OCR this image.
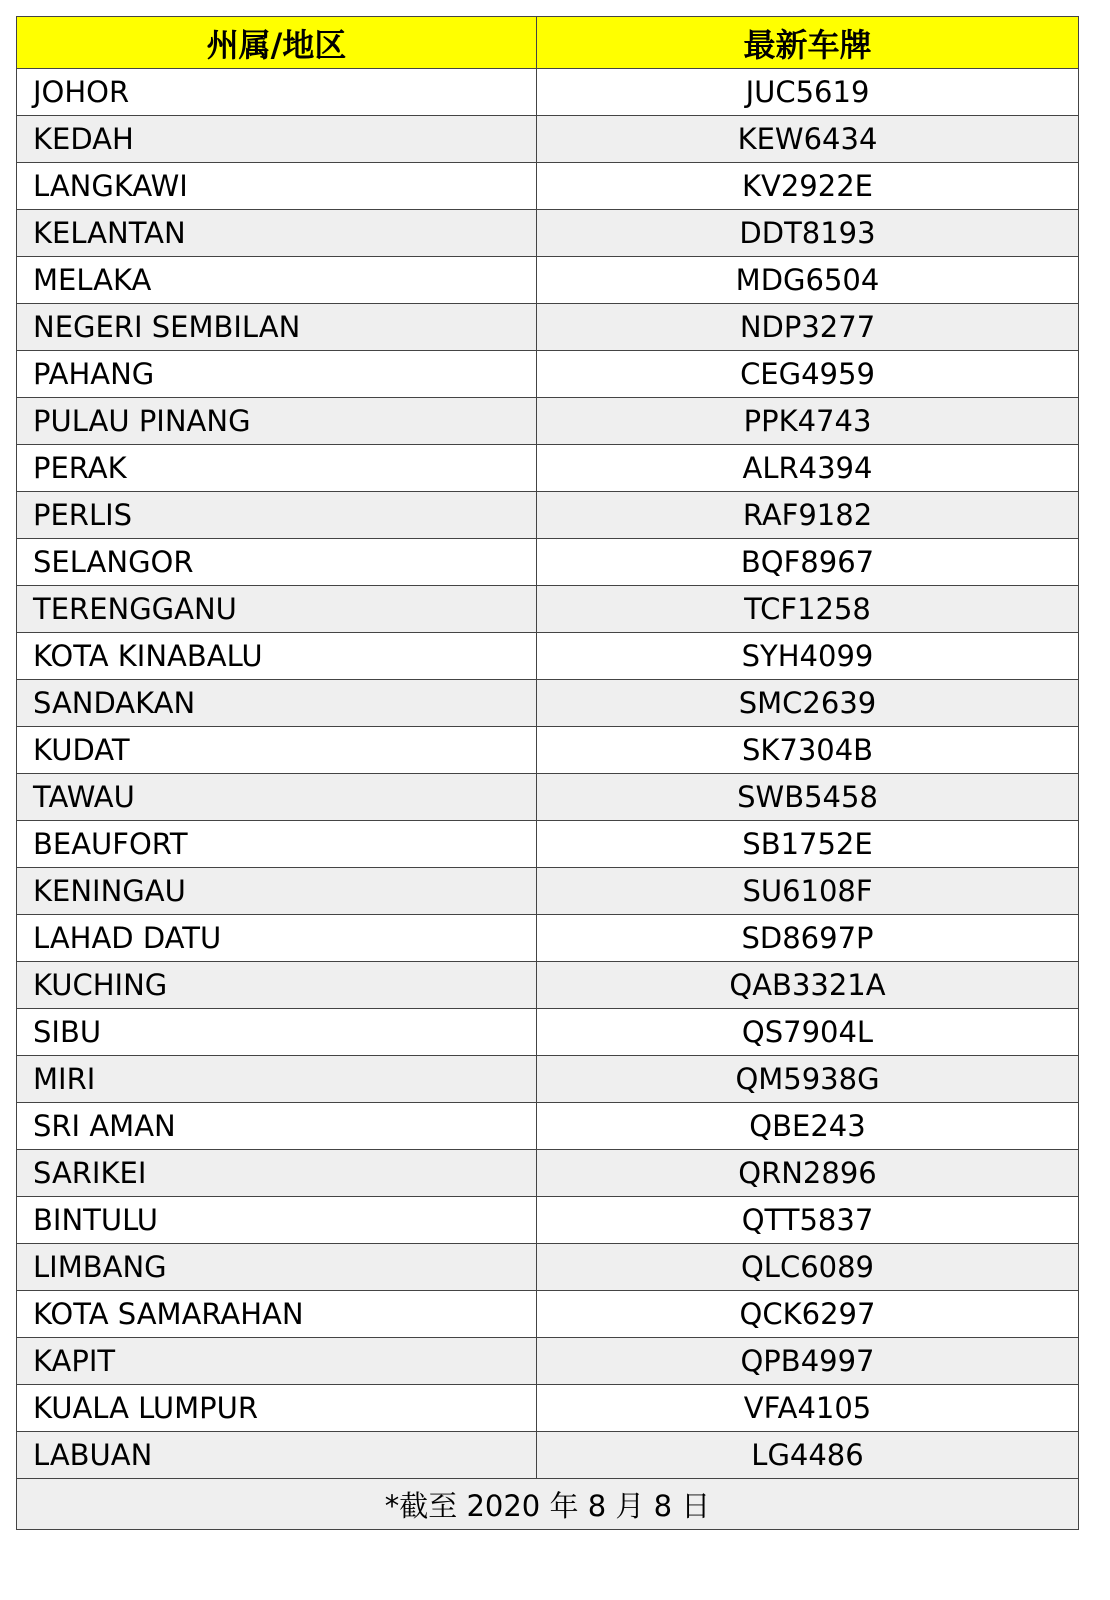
州属/地区	最新车牌
JOHOR	JUC5619
KEDAH	KEW6434
LANGKAWI	KV2922E
KELANTAN	DDT8193
MELAKA	MDG6504
NEGERI SEMBILAN	NDP3277
PAHANG	CEG4959
PULAU PINANG	PPK4743
PERAK	ALR4394
PERLIS	RAF9182
SELANGOR	BQF8967
TERENGGANU	TCF1258
KOTA KINABALU	SYH4099
SANDAKAN	SMC2639
KUDAT	SK7304B
TAWAU	SWB5458
BEAUFORT	SB1752E
KENINGAU	SU6108F
LAHAD DATU	SD8697P
KUCHING	QAB3321A
SIBU	QS7904L
MIRI	QM5938G
SRI AMAN	QBE243
SARIKEI	QRN2896
BINTULU	QTT5837
LIMBANG	QLC6089
KOTA SAMARAHAN	QCK6297
KAPIT	QPB4997
KUALA LUMPUR	VFA4105
LABUAN	LG4486
*截至 2020 年 8 月 8 日	
